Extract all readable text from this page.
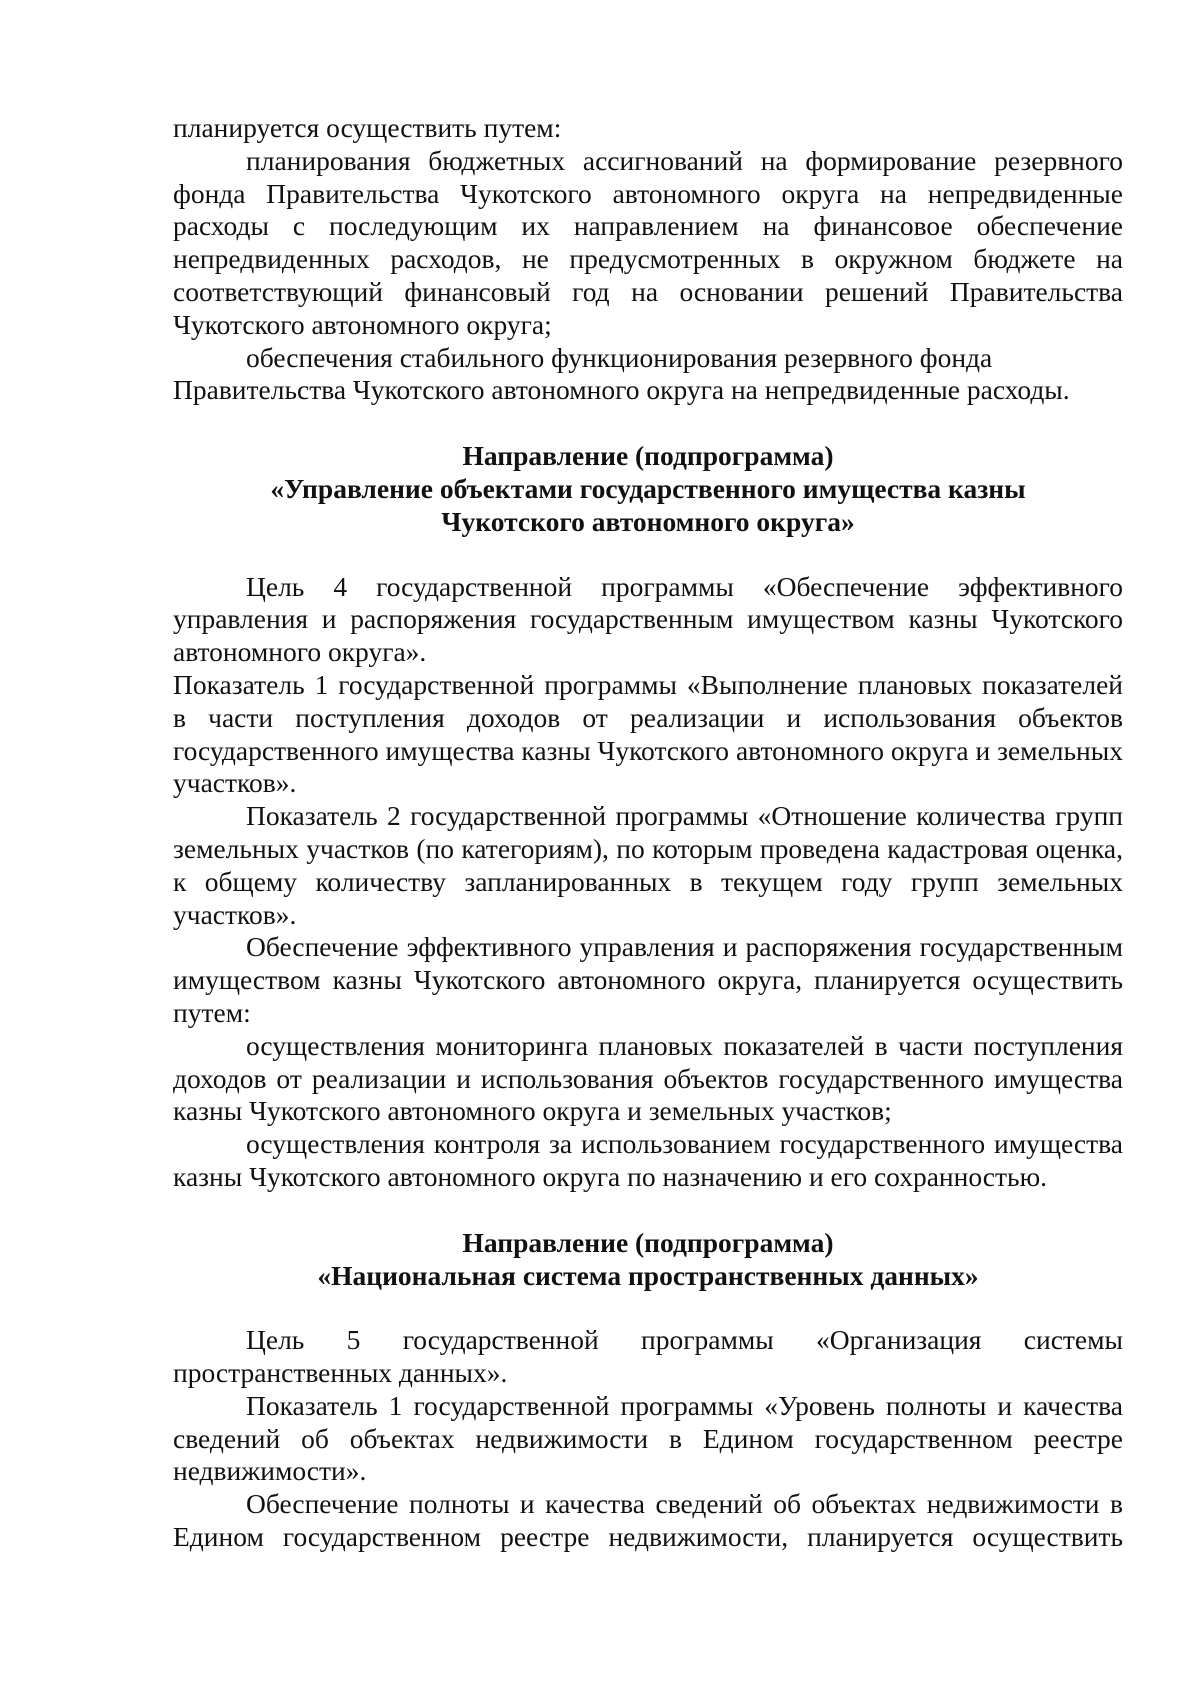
планируется осуществить путем:

планирования бюджетных ассигнований на формирование резервного фонда Правительства Чукотского автономного округа на непредвиденные расходы с последующим их направлением на финансовое обеспечение непредвиденных расходов, не предусмотренных в окружном бюджете на соответствующий финансовый год на основании решений Правительства Чукотского автономного округа;

обеспечения стабильного функционирования резервного фонда

Правительства Чукотского автономного округа на непредвиденные расходы.

Направление (подпрограмма)
«Управление объектами государственного имущества казны
Чукотского автономного округа»

Цель 4 государственной программы «Обеспечение эффективного управления и распоряжения государственным имуществом казны Чукотского автономного округа».

Показатель 1 государственной программы «Выполнение плановых показателей в части поступления доходов от реализации и использования объектов государственного имущества казны Чукотского автономного округа и земельных участков».

Показатель 2 государственной программы «Отношение количества групп земельных участков (по категориям), по которым проведена кадастровая оценка, к общему количеству запланированных в текущем году групп земельных участков».

Обеспечение эффективного управления и распоряжения государственным имуществом казны Чукотского автономного округа, планируется осуществить путем:

осуществления мониторинга плановых показателей в части поступления доходов от реализации и использования объектов государственного имущества казны Чукотского автономного округа и земельных участков;

осуществления контроля за использованием государственного имущества казны Чукотского автономного округа по назначению и его сохранностью.

Направление (подпрограмма)
«Национальная система пространственных данных»

Цель 5 государственной программы «Организация системы пространственных данных».

Показатель 1 государственной программы «Уровень полноты и качества сведений об объектах недвижимости в Едином государственном реестре недвижимости».

Обеспечение полноты и качества сведений об объектах недвижимости в Едином государственном реестре недвижимости, планируется осуществить
